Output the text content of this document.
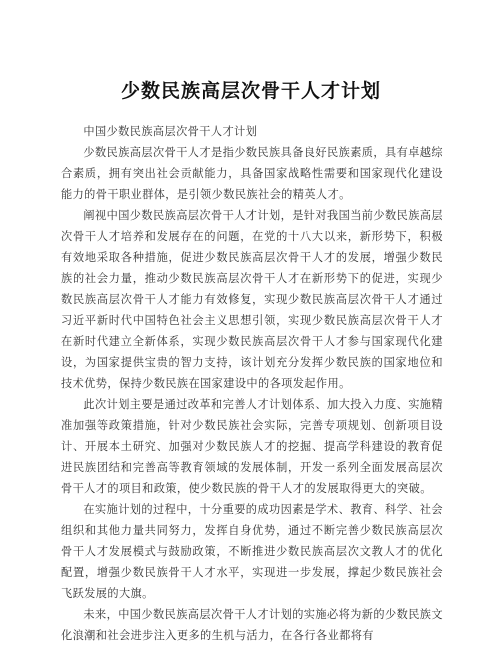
少数民族高层次骨干人才计划

中国少数民族高层次骨干人才计划

少数民族高层次骨干人才是指少数民族具备良好民族素质，具有卓越综合素质，拥有突出社会贡献能力，具备国家战略性需要和国家现代化建设能力的骨干职业群体，是引领少数民族社会的精英人才。

阐视中国少数民族高层次骨干人才计划，是针对我国当前少数民族高层次骨干人才培养和发展存在的问题，在党的十八大以来，新形势下，积极有效地采取各种措施，促进少数民族高层次骨干人才的发展，增强少数民族的社会力量，推动少数民族高层次骨干人才在新形势下的促进，实现少数民族高层次骨干人才能力有效修复，实现少数民族高层次骨干人才通过习近平新时代中国特色社会主义思想引领，实现少数民族高层次骨干人才在新时代建立全新体系，实现少数民族高层次骨干人才参与国家现代化建设，为国家提供宝贵的智力支持，该计划充分发挥少数民族的国家地位和技术优势，保持少数民族在国家建设中的各项发起作用。

此次计划主要是通过改革和完善人才计划体系、加大投入力度、实施精准加强等政策措施，针对少数民族社会实际，完善专项规划、创新项目设计、开展本土研究、加强对少数民族人才的挖掘、提高学科建设的教育促进民族团结和完善高等教育领域的发展体制，开发一系列全面发展高层次骨干人才的项目和政策，使少数民族的骨干人才的发展取得更大的突破。

在实施计划的过程中，十分重要的成功因素是学术、教育、科学、社会组织和其他力量共同努力，发挥自身优势，通过不断完善少数民族高层次骨干人才发展模式与鼓励政策，不断推进少数民族高层次文教人才的优化配置，增强少数民族骨干人才水平，实现进一步发展，撑起少数民族社会飞跃发展的大旗。

未来，中国少数民族高层次骨干人才计划的实施必将为新的少数民族文化浪潮和社会进步注入更多的生机与活力，在各行各业都将有
